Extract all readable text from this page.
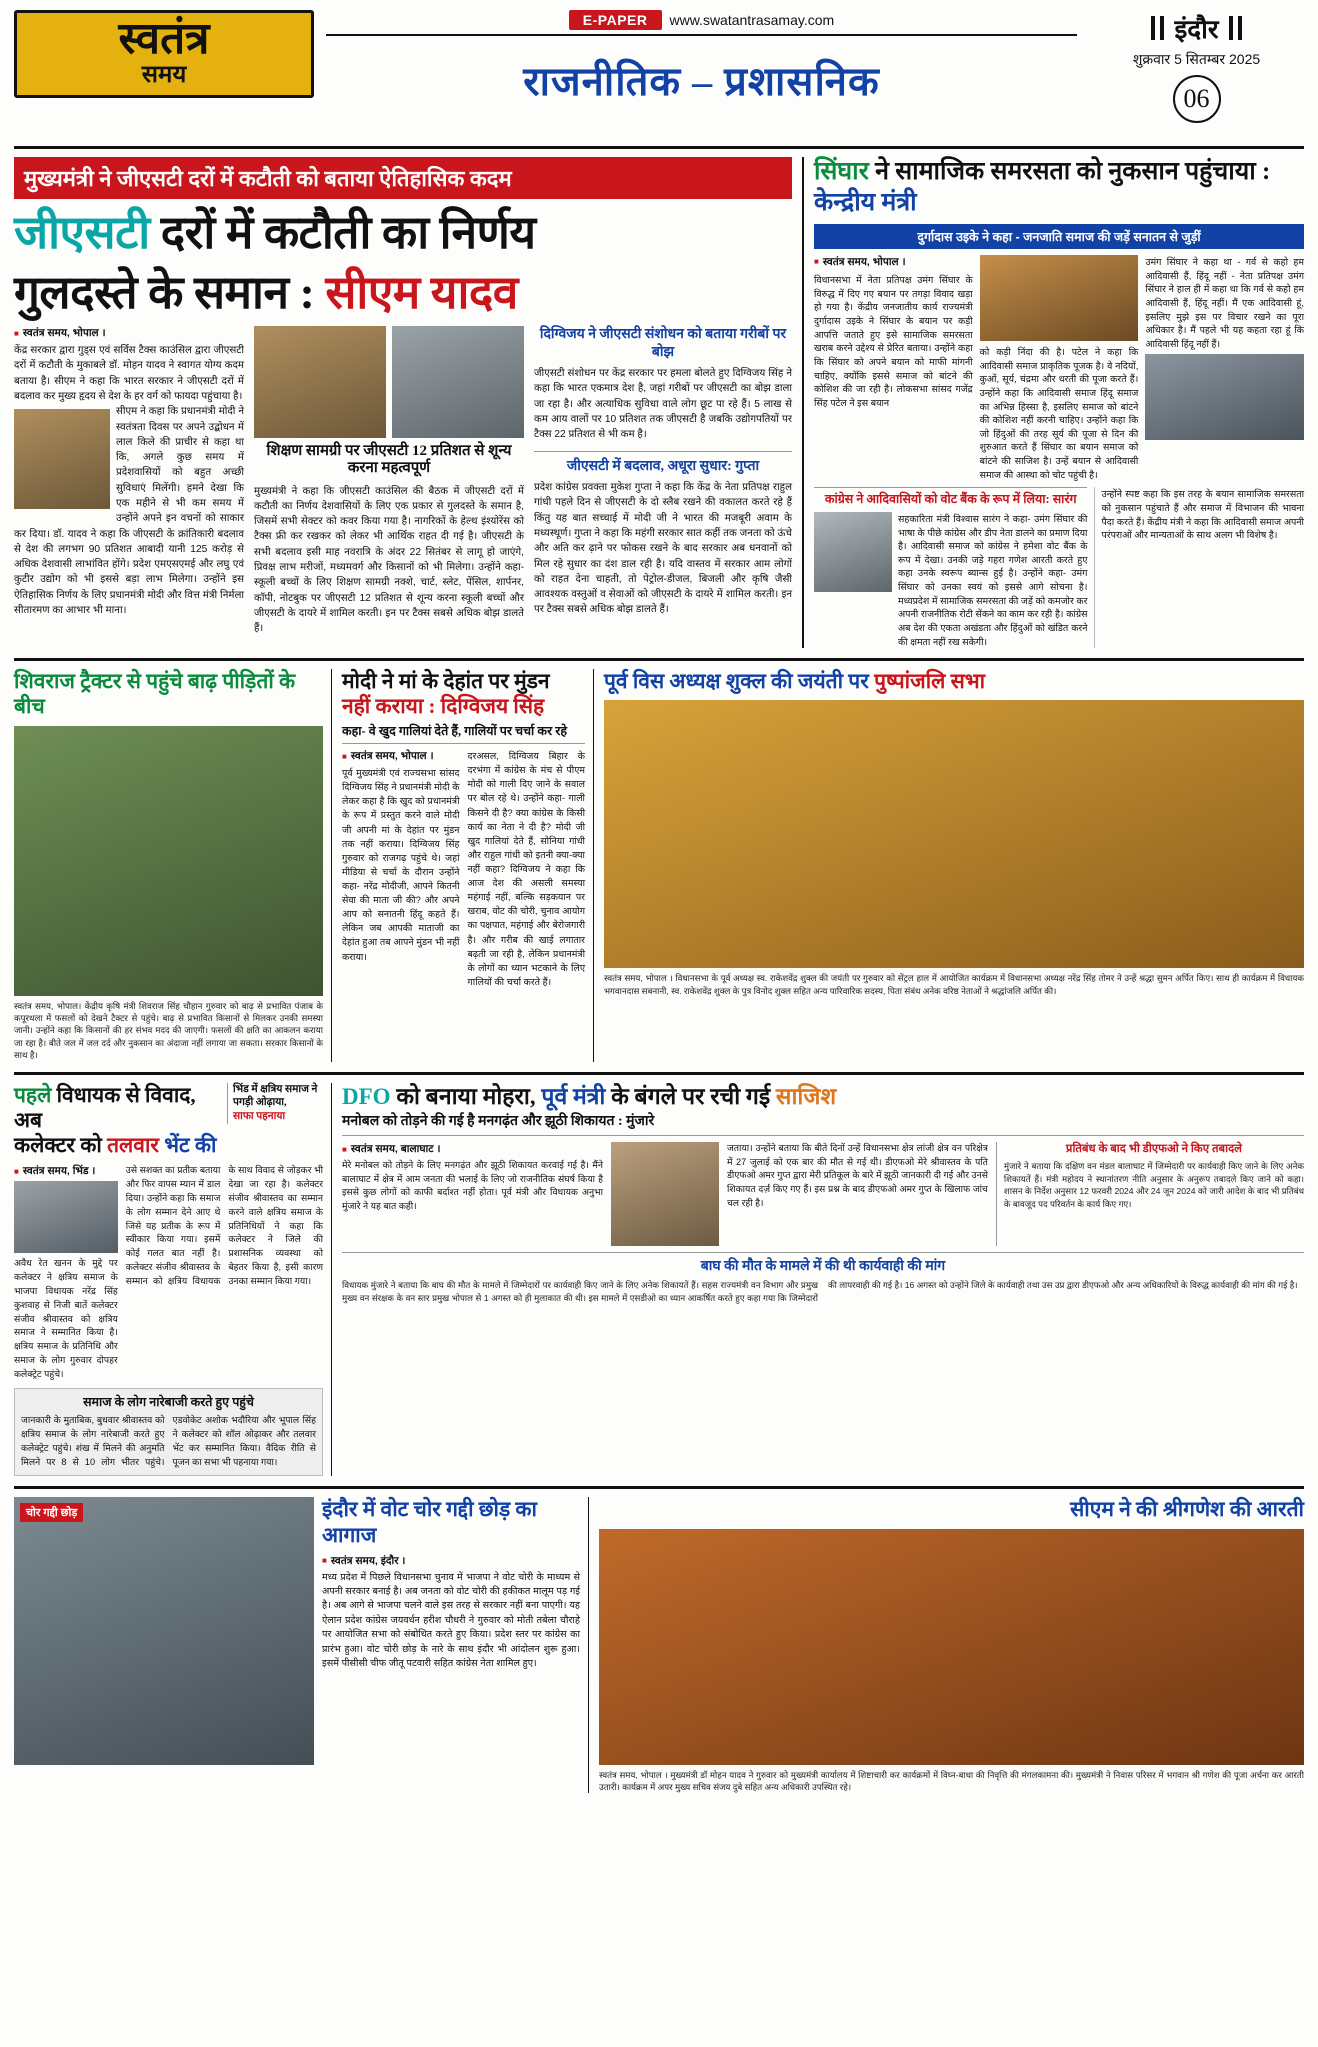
स्वतंत्र
समय
E-PAPER	www.swatantrasamay.com
राजनीतिक – प्रशासनिक
इंदौर
शुक्रवार 5 सितम्बर 2025
06
मुख्यमंत्री ने जीएसटी दरों में कटौती को बताया ऐतिहासिक कदम
जीएसटी दरों में कटौती का निर्णय
गुलदस्ते के समान : सीएम यादव
■ स्वतंत्र समय, भोपाल ।
केंद्र सरकार द्वारा गुड्स एवं सर्विस टैक्स काउंसिल द्वारा जीएसटी दरों में कटौती के मुकाबले डॉ. मोहन यादव ने स्वागत योग्य कदम बताया है। सीएम ने कहा कि भारत सरकार ने जीएसटी दरों में बदलाव कर मुख्य हृदय से देश के हर वर्ग को फायदा पहुंचाया है।
सीएम ने कहा कि प्रधानमंत्री मोदी ने स्वतंत्रता दिवस पर अपने उद्बोधन में लाल किले की प्राचीर से कहा था कि, अगले कुछ समय में प्रदेशवासियों को बहुत अच्छी सुविधाएं मिलेंगी। हमने देखा कि एक महीने से भी कम समय में उन्होंने अपने इन वचनों को साकार कर दिया। डॉ. यादव ने कहा कि जीएसटी के क्रांतिकारी बदलाव से देश की लगभग 90 प्रतिशत आबादी यानी 125 करोड़ से अधिक देशवासी लाभांवित होंगे। प्रदेश एमएसएमई और लघु एवं कुटीर उद्योग को भी इससे बड़ा लाभ मिलेगा। उन्होंने इस ऐतिहासिक निर्णय के लिए प्रधानमंत्री मोदी और वित्त मंत्री निर्मला सीतारमण का आभार भी माना।
शिक्षण सामग्री पर जीएसटी 12 प्रतिशत से शून्य करना महत्वपूर्ण
मुख्यमंत्री ने कहा कि जीएसटी काउंसिल की बैठक में जीएसटी दरों में कटौती का निर्णय देशवासियों के लिए एक प्रकार से गुलदस्ते के समान है, जिसमें सभी सेक्टर को कवर किया गया है। नागरिकों के हेल्थ इंश्योरेंस को टैक्स फ्री कर रखकर को लेकर भी आर्थिक राहत दी गई है। जीएसटी के सभी बदलाव इसी माह नवरात्रि के अंदर 22 सितंबर से लागू हो जाएंगे, प्रिवक्ष लाभ मरीजों, मध्यमवर्ग और किसानों को भी मिलेगा। उन्होंने कहा- स्कूली बच्चों के लिए शिक्षण सामग्री नक्शे, चार्ट, स्लेट, पेंसिल, शार्पनर, कॉपी, नोटबुक पर जीएसटी 12 प्रतिशत से शून्य करना स्कूली बच्चों और जीएसटी के दायरे में शामिल करती। इन पर टैक्स सबसे अधिक बोझ डालते हैं।
दिग्विजय ने जीएसटी संशोधन को बताया गरीबों पर बोझ
जीएसटी संशोधन पर केंद्र सरकार पर हमला बोलते हुए दिग्विजय सिंह ने कहा कि भारत एकमात्र देश है, जहां गरीबों पर जीएसटी का बोझ डाला जा रहा है। और अत्याधिक सुविधा वाले लोग छूट पा रहे हैं। 5 लाख से कम आय वालों पर 10 प्रतिशत तक जीएसटी है जबकि उद्योगपतियों पर टैक्स 22 प्रतिशत से भी कम है।
जीएसटी में बदलाव, अधूरा सुधार: गुप्ता
प्रदेश कांग्रेस प्रवक्ता मुकेश गुप्ता ने कहा कि केंद्र के नेता प्रतिपक्ष राहुल गांधी पहले दिन से जीएसटी के दो स्लैब रखने की वकालत करते रहे हैं किंतु यह बात सच्चाई में मोदी जी ने भारत की मजबूरी अवाम के मध्यस्थूर्ण। गुप्ता ने कहा कि महंगी सरकार सात कहीं तक जनता को ऊंचे और अति कर ढ़ाने पर फोकस रखने के बाद सरकार अब धनवानों को मिल रहे सुधार का दंश डाल रही है। यदि वास्तव में सरकार आम लोगों को राहत देना चाहती, तो पेट्रोल-डीजल, बिजली और कृषि जैसी आवश्यक वस्तुओं व सेवाओं को जीएसटी के दायरे में शामिल करती। इन पर टैक्स सबसे अधिक बोझ डालते हैं।
सिंघार ने सामाजिक समरसता को नुकसान पहुंचाया : केन्द्रीय मंत्री
दुर्गादास उइके ने कहा - जनजाति समाज की जड़ें सनातन से जुड़ीं
■ स्वतंत्र समय, भोपाल ।
विधानसभा में नेता प्रतिपक्ष उमंग सिंघार के विरुद्ध में दिए गए बयान पर तगड़ा विवाद खड़ा हो गया है। केंद्रीय जनजातीय कार्य राज्यमंत्री दुर्गादास उइके ने सिंघार के बयान पर कड़ी आपत्ति जताते हुए इसे सामाजिक समरसता खराब करने उद्देश्य से प्रेरित बताया। उन्होंने कहा कि सिंघार को अपने बयान को माफी मांगनी चाहिए, क्योंकि इससे समाज को बांटने की कोशिश की जा रही है। लोकसभा सांसद गजेंद्र सिंह पटेल ने इस बयान
को कड़ी निंदा की है। पटेल ने कहा कि आदिवासी समाज प्राकृतिक पूजक है। वे नदियों, कुओं, सूर्य, चंद्रमा और धरती की पूजा करते हैं। उन्होंने कहा कि आदिवासी समाज हिंदू समाज का अभिन्न हिस्सा है, इसलिए समाज को बांटने की कोशिश नहीं करनी चाहिए। उन्होंने कहा कि जो हिंदुओं की तरह सूर्य की पूजा से दिन की शुरुआत करते हैं सिंघार का बयान समाज को बांटने की साजिश है। उन्हें बयान से आदिवासी समाज की आस्था को चोट पहुंची है।
उमंग सिंघार ने कहा था - गर्व से कहो हम आदिवासी हैं, हिंदू नहीं - नेता प्रतिपक्ष उमंग सिंघार ने हाल ही में कहा था कि गर्व से कहो हम आदिवासी हैं, हिंदू नहीं। मैं एक आदिवासी हूं, इसलिए मुझे इस पर विचार रखने का पूरा अधिकार है। मैं पहले भी यह कहता रहा हूं कि आदिवासी हिंदू नहीं हैं।
कांग्रेस ने आदिवासियों को वोट बैंक के रूप में लिया: सारंग
सहकारिता मंत्री विश्वास सारंग ने कहा- उमंग सिंघार की भाषा के पीछे कांग्रेस और डीप नेता डालने का प्रमाण दिया है। आदिवासी समाज को कांग्रेस ने हमेशा वोट बैंक के रूप में देखा। उनकी जड़े गहरा गणेश आरती करते हुए कहा उनके स्वरूप ब्यान्स हुई है। उन्होंने कहा- उमंग सिंघार को उनका स्वयं को इससे आगे सोचना है। मध्यप्रदेश में सामाजिक समरसता की जड़ें को कमजोर कर अपनी राजनीतिक रोटी सेंकने का काम कर रही है। कांग्रेस अब देश की एकता अखंडता और हिंदुओं को खंडित करने की क्षमता नहीं रख सकेगी।
उन्होंने स्पष्ट कहा कि इस तरह के बयान सामाजिक समरसता को नुकसान पहुंचाते हैं और समाज में विभाजन की भावना पैदा करते हैं। केंद्रीय मंत्री ने कहा कि आदिवासी समाज अपनी परंपराओं और मान्यताओं के साथ अलग भी विशेष है।
शिवराज ट्रैक्टर से पहुंचे बाढ़ पीड़ितों के बीच
स्वतंत्र समय, भोपाल। केंद्रीय कृषि मंत्री शिवराज सिंह चौहान गुरुवार को बाढ़ से प्रभावित पंजाब के कपूरथला में फसलों को देखने टैक्टर से पहुंचे। बाढ़ से प्रभावित किसानों से मिलकर उनकी समस्या जानी। उन्होंने कहा कि किसानों की हर संभव मदद की जाएगी। फसलों की क्षति का आकलन कराया जा रहा है। बीते जल में जल दर्द और नुकसान का अंदाजा नहीं लगाया जा सकता। सरकार किसानों के साथ है।
मोदी ने मां के देहांत पर मुंडन
नहीं कराया : दिग्विजय सिंह
कहा- वे खुद गालियां देते हैं, गालियों पर चर्चा कर रहे
■ स्वतंत्र समय, भोपाल ।
पूर्व मुख्यमंत्री एवं राज्यसभा सांसद दिग्विजय सिंह ने प्रधानमंत्री मोदी के लेकर कहा है कि खुद को प्रधानमंत्री के रूप में प्रस्तुत करने वाले मोदी जी अपनी मां के देहांत पर मुंडन तक नहीं कराया। दिग्विजय सिंह गुरुवार को राजगढ़ पहुंचे थे। जहां मीडिया से चर्चा के दौरान उन्होंने कहा- नरेंद्र मोदीजी, आपने कितनी सेवा की माता जी की? और अपने आप को सनातनी हिंदू कहते हैं। लेकिन जब आपकी माताजी का देहांत हुआ तब आपने मुंडन भी नहीं कराया।
दरअसल, दिग्विजय बिहार के दरभंगा में कांग्रेस के मंच से पीएम मोदी को गाली दिए जाने के सवाल पर बोल रहे थे। उन्होंने कहा- गाली किसने दी है? क्या कांग्रेस के किसी कार्य का नेता ने दी है? मोदी जी खुद गालियां देते हैं, सोनिया गांधी और राहुल गांधी को इतनी क्या-क्या नहीं कहा? दिग्विजय ने कहा कि आज देश की असली समस्या महंगाई नहीं, बल्कि सड़कयान पर खराब, वोट की चोरी, चुनाव आयोग का पक्षपात, महंगाई और बेरोजगारी है। और गरीब की खाई लगातार बढ़ती जा रही है, लेकिन प्रधानमंत्री के लोगों का ध्यान भटकाने के लिए गालियों की चर्चा करते हैं।
पूर्व विस अध्यक्ष शुक्ल की जयंती पर पुष्पांजलि सभा
स्वतंत्र समय, भोपाल । विधानसभा के पूर्व अध्यक्ष स्व. राकेशवेंद्र शुक्ल की जयंती पर गुरुवार को सेंट्रल हाल में आयोजित कार्यक्रम में विधानसभा अध्यक्ष नरेंद्र सिंह तोमर ने उन्हें श्रद्धा सुमन अर्पित किए। साथ ही कार्यक्रम में विधायक भगवानदास सबनानी, स्व. राकेशवेंद्र शुक्ल के पुत्र विनोद शुक्ल सहित अन्य पारिवारिक सदस्य, पिता संबंध अनेक वरिष्ठ नेताओं ने श्रद्धांजलि अर्पित की।
पहले विधायक से विवाद, अब
कलेक्टर को तलवार भेंट की
भिंड में क्षत्रिय समाज ने पगड़ी ओढ़ाया,
साफा पहनाया
■ स्वतंत्र समय, भिंड ।
अवैध रेत खनन के मुद्दे पर कलेक्टर ने क्षत्रिय समाज के भाजपा विधायक नरेंद्र सिंह कुशवाह से निजी बातें कलेक्टर संजीव श्रीवास्तव को क्षत्रिय समाज ने सम्मानित किया है। क्षत्रिय समाज के प्रतिनिधि और समाज के लोग गुरुवार दोपहर कलेक्ट्रेट पहुंचे।
उसे सशक्त का प्रतीक बताया और फिर वापस म्यान में डाल दिया। उन्होंने कहा कि समाज के लोग सम्मान देने आए थे जिसे यह प्रतीक के रूप में स्वीकार किया गया। इसमें कोई गलत बात नहीं है। कलेक्टर संजीव श्रीवास्तव के सम्मान को क्षत्रिय विधायक के साथ विवाद से जोड़कर भी देखा जा रहा है। कलेक्टर संजीव श्रीवास्तव का सम्मान करने वाले क्षत्रिय समाज के प्रतिनिधियों ने कहा कि कलेक्टर ने जिले की प्रशासनिक व्यवस्था को बेहतर किया है, इसी कारण उनका सम्मान किया गया।
समाज के लोग नारेबाजी करते हुए पहुंचे
जानकारी के मुताबिक, बुधवार श्रीवास्तव को क्षत्रिय समाज के लोग नारेबाजी करते हुए कलेक्ट्रेट पहुंचे। शंख में मिलने की अनुमति मिलने पर 8 से 10 लोग भीतर पहुंचे। एडवोकेट अशोक भदौरिया और भूपाल सिंह ने कलेक्टर को शॉल ओढ़ाकर और तलवार भेंट कर सम्मानित किया। वैदिक रीति से पूजन का सभा भी पहनाया गया।
DFO को बनाया मोहरा, पूर्व मंत्री के बंगले पर रची गई साजिश
मनोबल को तोड़ने की गई है मनगढ़ंत और झूठी शिकायत : मुंजारे
■ स्वतंत्र समय, बालाघाट ।
मेरे मनोबल को तोड़ने के लिए मनगढ़ंत और झूठी शिकायत करवाई गई है। मैंने बालाघाट में क्षेत्र में आम जनता की भलाई के लिए जो राजनीतिक संघर्ष किया है इससे कुछ लोगों को काफी बर्दाश्त नहीं होता। पूर्व मंत्री और विधायक अनुभा मुंजारे ने यह बात कही।
जताया। उन्होंने बताया कि बीते दिनों उन्हें विधानसभा क्षेत्र लांजी क्षेत्र वन परिक्षेत्र में 27 जुलाई को एक बार की मौत से गई थी। डीएफओ मेरे श्रीवास्तव के पति डीएफओ अमर गुप्त द्वारा मेरी प्रतिकूल के बारे में झूठी जानकारी दी गई और उनसे शिकायत दर्ज़ किए गए हैं। इस प्रश्न के बाद डीएफओ अमर गुप्त के खिलाफ जांच चल रही है।
प्रतिबंध के बाद भी डीएफओ ने किए तबादले
मुंजारे ने बताया कि दक्षिण वन मंडल बालाघाट में जिम्मेदारी पर कार्यवाही किए जाने के लिए अनेक शिकायतें हैं। मंत्री महोदय ने स्थानांतरण नीति अनुसार के अनुरूप तबादले किए जाने को कहा। शासन के निर्देश अनुसार 12 फरवरी 2024 और 24 जून 2024 को जारी आदेश के बाद भी प्रतिबंध के बावजूद पद परिवर्तन के कार्य किए गए।
बाघ की मौत के मामले में की थी कार्यवाही की मांग
विधायक मुंजारे ने बताया कि बाघ की मौत के मामले में जिम्मेदारों पर कार्यवाही किए जाने के लिए अनेक शिकायतें हैं। सहस राज्यमंत्री वन विभाग और प्रमुख मुख्य वन संरक्षक के वन स्तर प्रमुख भोपाल से 1 अगस्त को ही मुलाकात की थी। इस मामले में एसडीओ का ध्यान आकर्षित करते हुए कहा गया कि जिम्मेदारों की लापरवाही की गई है। 16 अगस्त को उन्होंने जिले के कार्यवाही तथा उस उप्र द्वारा डीएफओ और अन्य अधिकारियों के विरुद्ध कार्यवाही की मांग की गई है।
चोर गद्दी छोड़	इंदौर में वोट चोर गद्दी छोड़ का आगाज
■ स्वतंत्र समय, इंदौर ।
मध्य प्रदेश में पिछले विधानसभा चुनाव में भाजपा ने वोट चोरी के माध्यम से अपनी सरकार बनाई है। अब जनता को वोट चोरी की हकीकत मालूम पड़ गई है। अब आगे से भाजपा चलने वाले इस तरह से सरकार नहीं बना पाएगी। यह ऐलान प्रदेश कांग्रेस जयवर्धन हरीश चौधरी ने गुरुवार को मोती तबेला चौराहे पर आयोजित सभा को संबोधित करते हुए किया। प्रदेश स्तर पर कांग्रेस का प्रारंभ हुआ। वोट चोरी छोड़ के नारे के साथ इंदौर भी आंदोलन शुरू हुआ। इसमें पीसीसी चीफ जीतू पटवारी सहित कांग्रेस नेता शामिल हुए।
सीएम ने की श्रीगणेश की आरती
स्वतंत्र समय, भोपाल । मुख्यमंत्री डॉ मोहन यादव ने गुरुवार को मुख्यमंत्री कार्यालय में शिष्टाचारी कर कार्यक्रमों में विघ्न-बाधा की निवृत्ति की मंगलकामना की। मुख्यमंत्री ने निवास परिसर में भगवान श्री गणेश की पूजा अर्चना कर आरती उतारी। कार्यक्रम में अपर मुख्य सचिव संजय दुबे सहित अन्य अधिकारी उपस्थित रहे।
